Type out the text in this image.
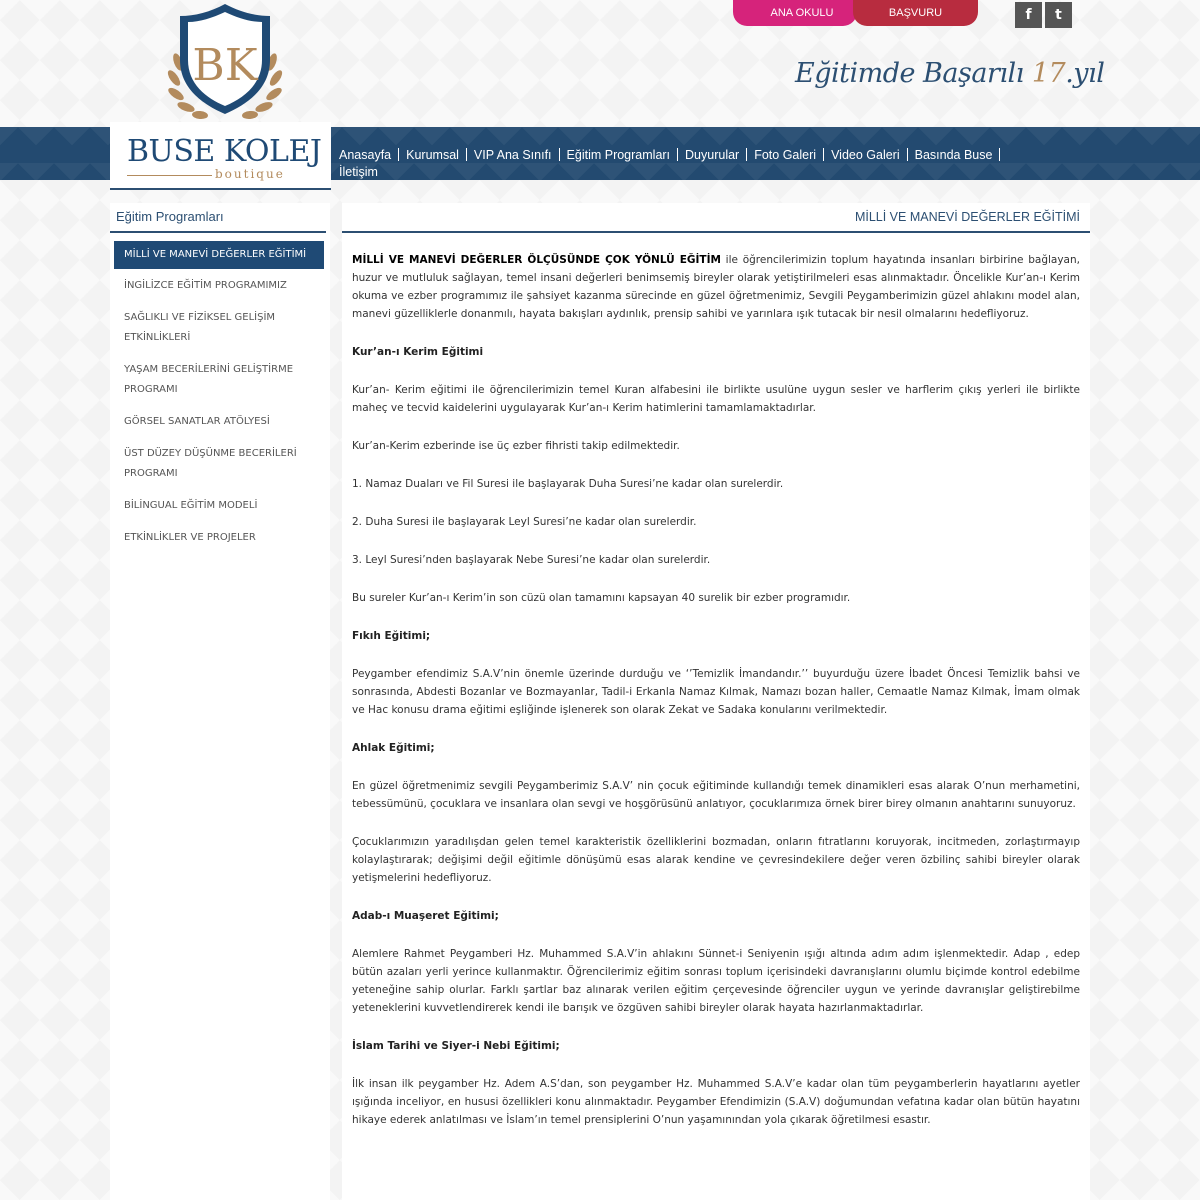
BK
ANA OKULU	BAŞVURU	f	t
Eğitimde Başarılı 17.yıl
BUSE KOLEJ
boutique
Anasayfa Kurumsal VIP Ana Sınıfı Eğitim Programları Duyurular Foto Galeri Video Galeri Basında Buse
İletişim
Eğitim Programları
MİLLİ VE MANEVİ DEĞERLER EĞİTİMİ
İNGİLİZCE EĞİTİM PROGRAMIMIZ
SAĞLIKLI VE FİZİKSEL GELİŞİM ETKİNLİKLERİ
YAŞAM BECERİLERİNİ GELİŞTİRME PROGRAMI
GÖRSEL SANATLAR ATÖLYESİ
ÜST DÜZEY DÜŞÜNME BECERİLERİ PROGRAMI
BİLİNGUAL EĞİTİM MODELİ
ETKİNLİKLER VE PROJELER
MİLLİ VE MANEVİ DEĞERLER EĞİTİMİ

MİLLİ VE MANEVİ DEĞERLER ÖLÇÜSÜNDE ÇOK YÖNLÜ EĞİTİM ile öğrencilerimizin toplum hayatında insanları birbirine bağlayan, huzur ve mutluluk sağlayan, temel insani değerleri benimsemiş bireyler olarak yetiştirilmeleri esas alınmaktadır. Öncelikle Kur’an-ı Kerim okuma ve ezber programımız ile şahsiyet kazanma sürecinde en güzel öğretmenimiz, Sevgili Peygamberimizin güzel ahlakını model alan, manevi güzelliklerle donanmılı, hayata bakışları aydınlık, prensip sahibi ve yarınlara ışık tutacak bir nesil olmalarını hedefliyoruz.

Kur’an-ı Kerim Eğitimi

Kur’an- Kerim eğitimi ile öğrencilerimizin temel Kuran alfabesini ile birlikte usulüne uygun sesler ve harflerim çıkış yerleri ile birlikte maheç ve tecvid kaidelerini uygulayarak Kur’an-ı Kerim hatimlerini tamamlamaktadırlar.

Kur’an-Kerim ezberinde ise üç ezber fihristi takip edilmektedir.

1. Namaz Duaları ve Fil Suresi ile başlayarak Duha Suresi’ne kadar olan surelerdir.

2. Duha Suresi ile başlayarak Leyl Suresi’ne kadar olan surelerdir.

3. Leyl Suresi’nden başlayarak Nebe Suresi’ne kadar olan surelerdir.

Bu sureler Kur’an-ı Kerim’in son cüzü olan tamamını kapsayan 40 surelik bir ezber programıdır.

Fıkıh Eğitimi;

Peygamber efendimiz S.A.V’nin önemle üzerinde durduğu ve ‘’Temizlik İmandandır.’’ buyurduğu üzere İbadet Öncesi Temizlik bahsi ve sonrasında, Abdesti Bozanlar ve Bozmayanlar, Tadil-i Erkanla Namaz Kılmak, Namazı bozan haller, Cemaatle Namaz Kılmak, İmam olmak ve Hac konusu drama eğitimi eşliğinde işlenerek son olarak Zekat ve Sadaka konularını verilmektedir.

Ahlak Eğitimi;

En güzel öğretmenimiz sevgili Peygamberimiz S.A.V’ nin çocuk eğitiminde kullandığı temek dinamikleri esas alarak O’nun merhametini, tebessümünü, çocuklara ve insanlara olan sevgi ve hoşgörüsünü anlatıyor, çocuklarımıza örnek birer birey olmanın anahtarını sunuyoruz.

Çocuklarımızın yaradılışdan gelen temel karakteristik özelliklerini bozmadan, onların fıtratlarını koruyorak, incitmeden, zorlaştırmayıp kolaylaştırarak; değişimi değil eğitimle dönüşümü esas alarak kendine ve çevresindekilere değer veren özbilinç sahibi bireyler olarak yetişmelerini hedefliyoruz.

Adab-ı Muaşeret Eğitimi;

Alemlere Rahmet Peygamberi Hz. Muhammed S.A.V’in ahlakını Sünnet-i Seniyenin ışığı altında adım adım işlenmektedir. Adap , edep bütün azaları yerli yerince kullanmaktır. Öğrencilerimiz eğitim sonrası toplum içerisindeki davranışlarını olumlu biçimde kontrol edebilme yeteneğine sahip olurlar. Farklı şartlar baz alınarak verilen eğitim çerçevesinde öğrenciler uygun ve yerinde davranışlar geliştirebilme yeteneklerini kuvvetlendirerek kendi ile barışık ve özgüven sahibi bireyler olarak hayata hazırlanmaktadırlar.

İslam Tarihi ve Siyer-i Nebi Eğitimi;

İlk insan ilk peygamber Hz. Adem A.S’dan, son peygamber Hz. Muhammed S.A.V’e kadar olan tüm peygamberlerin hayatlarını ayetler ışığında inceliyor, en hususi özellikleri konu alınmaktadır. Peygamber Efendimizin (S.A.V) doğumundan vefatına kadar olan bütün hayatını hikaye ederek anlatılması ve İslam’ın temel prensiplerini O’nun yaşamınından yola çıkarak öğretilmesi esastır.
